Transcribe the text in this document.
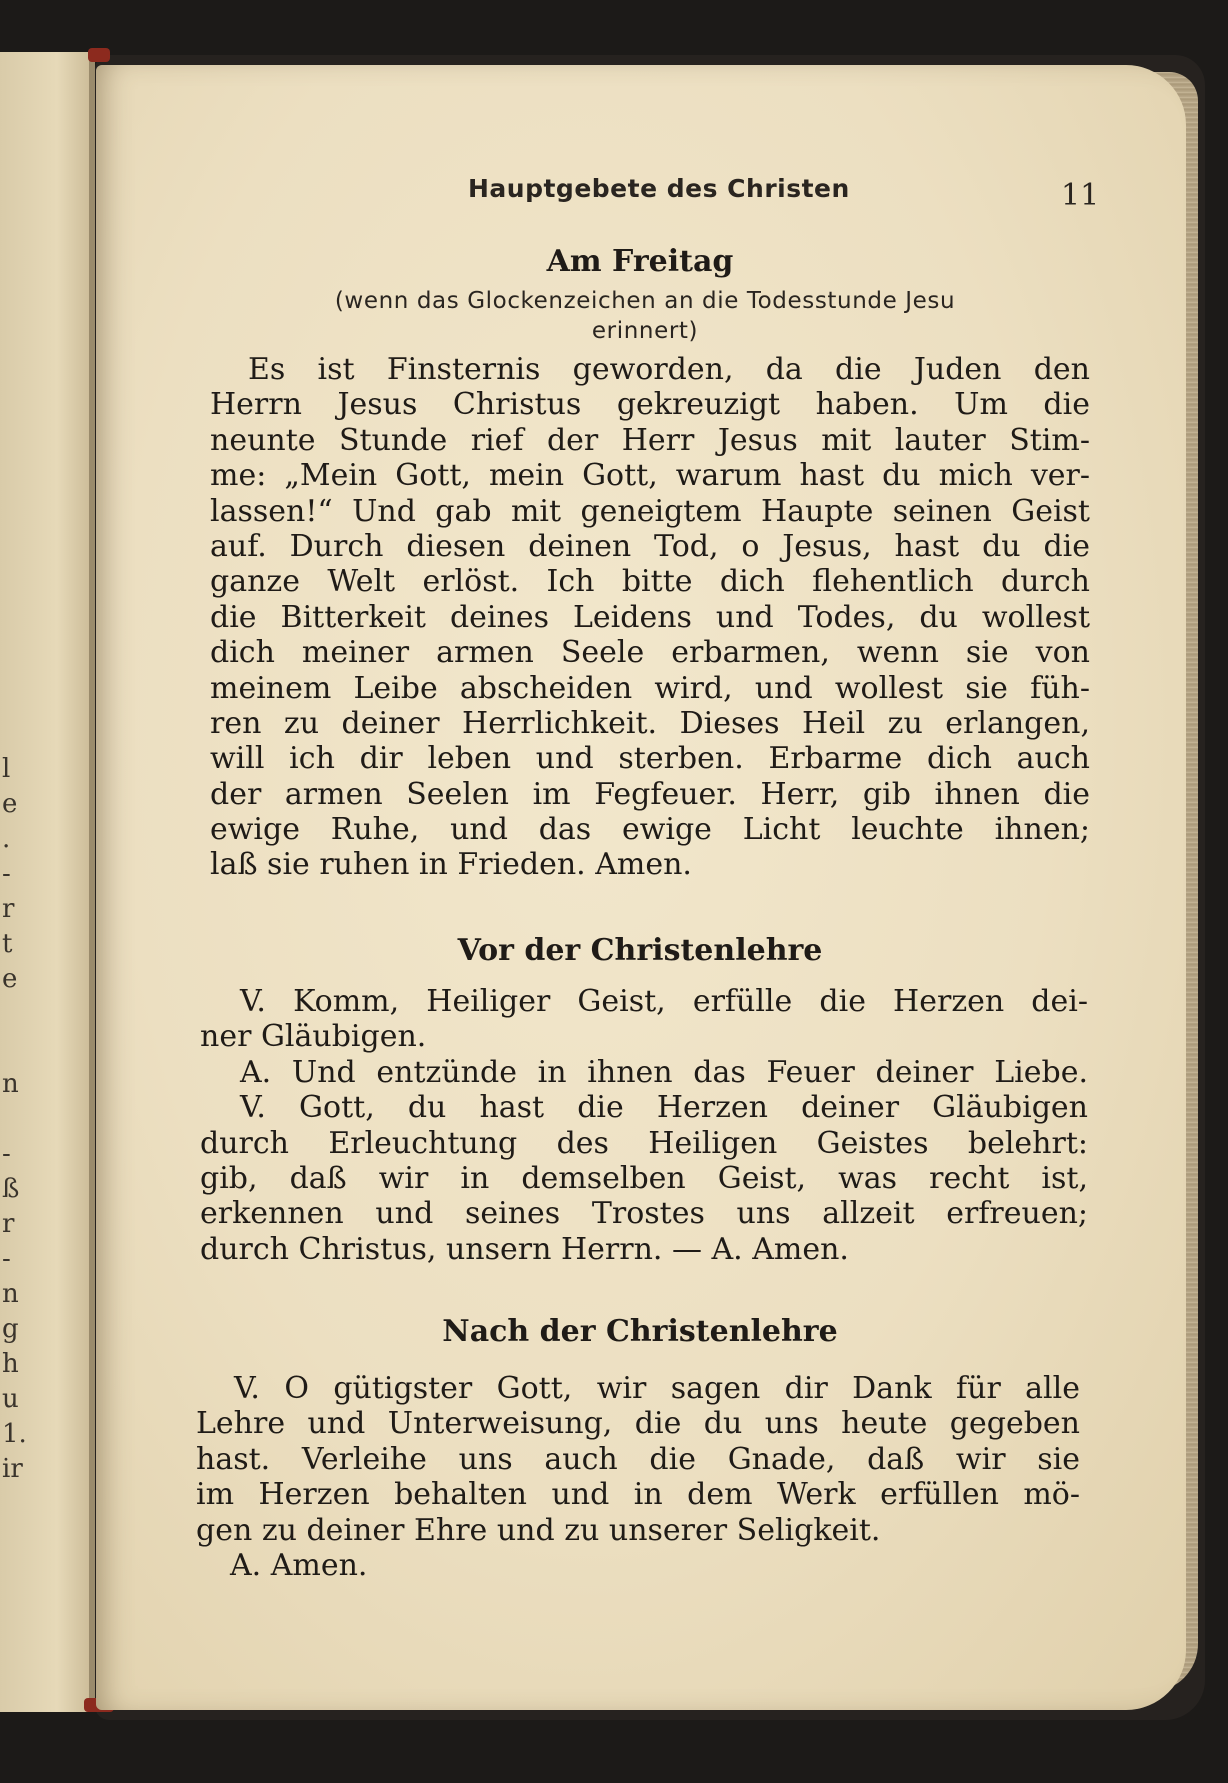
l
e
.
-
r
t
e
n
-
ß
r
-
n
g
h
u
1.
ir
Hauptgebete des Christen	11
Am Freitag
(wenn das Glockenzeichen an die Todesstunde Jesu
erinnert)
Es ist Finsternis geworden, da die Juden den
Herrn Jesus Christus gekreuzigt haben. Um die
neunte Stunde rief der Herr Jesus mit lauter Stim-
me: „Mein Gott, mein Gott, warum hast du mich ver-
lassen!“ Und gab mit geneigtem Haupte seinen Geist
auf. Durch diesen deinen Tod, o Jesus, hast du die
ganze Welt erlöst. Ich bitte dich flehentlich durch
die Bitterkeit deines Leidens und Todes, du wollest
dich meiner armen Seele erbarmen, wenn sie von
meinem Leibe abscheiden wird, und wollest sie füh-
ren zu deiner Herrlichkeit. Dieses Heil zu erlangen,
will ich dir leben und sterben. Erbarme dich auch
der armen Seelen im Fegfeuer. Herr, gib ihnen die
ewige Ruhe, und das ewige Licht leuchte ihnen;
laß sie ruhen in Frieden. Amen.
Vor der Christenlehre
V. Komm, Heiliger Geist, erfülle die Herzen dei-
ner Gläubigen.
A. Und entzünde in ihnen das Feuer deiner Liebe.
V. Gott, du hast die Herzen deiner Gläubigen
durch Erleuchtung des Heiligen Geistes belehrt:
gib, daß wir in demselben Geist, was recht ist,
erkennen und seines Trostes uns allzeit erfreuen;
durch Christus, unsern Herrn. — A. Amen.
Nach der Christenlehre
V. O gütigster Gott, wir sagen dir Dank für alle
Lehre und Unterweisung, die du uns heute gegeben
hast. Verleihe uns auch die Gnade, daß wir sie
im Herzen behalten und in dem Werk erfüllen mö-
gen zu deiner Ehre und zu unserer Seligkeit.
A. Amen.
